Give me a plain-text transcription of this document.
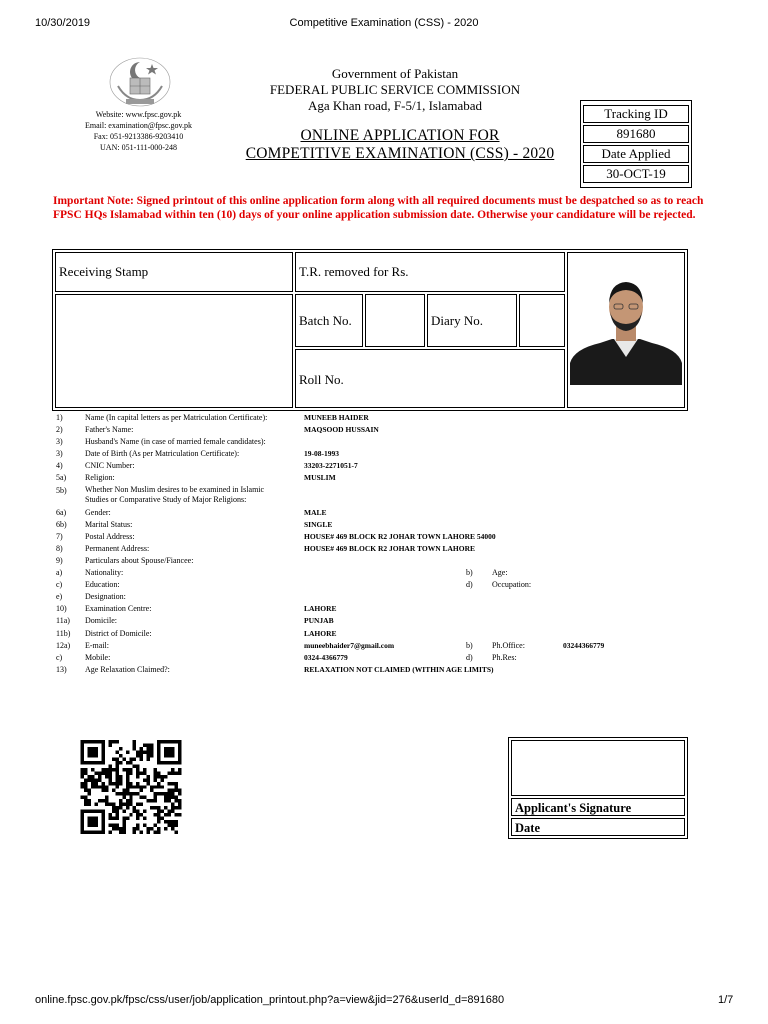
10/30/2019	Competitive Examination (CSS) - 2020
Website: www.fpsc.gov.pk
Email: examination@fpsc.gov.pk
Fax: 051-9213386-9203410
UAN: 051-111-000-248
Government of Pakistan
FEDERAL PUBLIC SERVICE COMMISSION
Aga Khan road, F-5/1, Islamabad
ONLINE APPLICATION FOR
COMPETITIVE EXAMINATION (CSS) - 2020
Tracking ID
891680
Date Applied
30-OCT-19
Important Note: Signed printout of this online application form along with all required documents must be despatched so as to reach FPSC HQs Islamabad within ten (10) days of your online application submission date. Otherwise your candidature will be rejected.
Receiving Stamp	T.R. removed for Rs.
Batch No.	Diary No.
Roll No.
1)	Name (In capital letters as per Matriculation Certificate):	MUNEEB HAIDER
2)	Father's Name:	MAQSOOD HUSSAIN
3)	Husband's Name (in case of married female candidates):
3)	Date of Birth (As per Matriculation Certificate):	19-08-1993
4)	CNIC Number:	33203-2271051-7
5a) Religion:	MUSLIM
5b) Whether Non Muslim desires to be examined in Islamic
Studies or Comparative Study of Major Religions:
6a) Gender:	MALE
6b) Marital Status:	SINGLE
7)	Postal Address:	HOUSE# 469 BLOCK R2 JOHAR TOWN LAHORE 54000
8)	Permanent Address:	HOUSE# 469 BLOCK R2 JOHAR TOWN LAHORE
9)	Particulars about Spouse/Fiancee:
a)	Nationality:	b) Age:
c)	Education:	d) Occupation:
e)	Designation:
10) Examination Centre:	LAHORE
11a) Domicile:	PUNJAB
11b) District of Domicile:	LAHORE
12a) E-mail:	muneebhaider7@gmail.com	b) Ph.Office:	03244366779
c)	Mobile:	0324-4366779	d) Ph.Res:
13) Age Relaxation Claimed?:	RELAXATION NOT CLAIMED (WITHIN AGE LIMITS)
Applicant's Signature
Date
online.fpsc.gov.pk/fpsc/css/user/job/application_printout.php?a=view&jid=276&userId_d=891680	1/7
